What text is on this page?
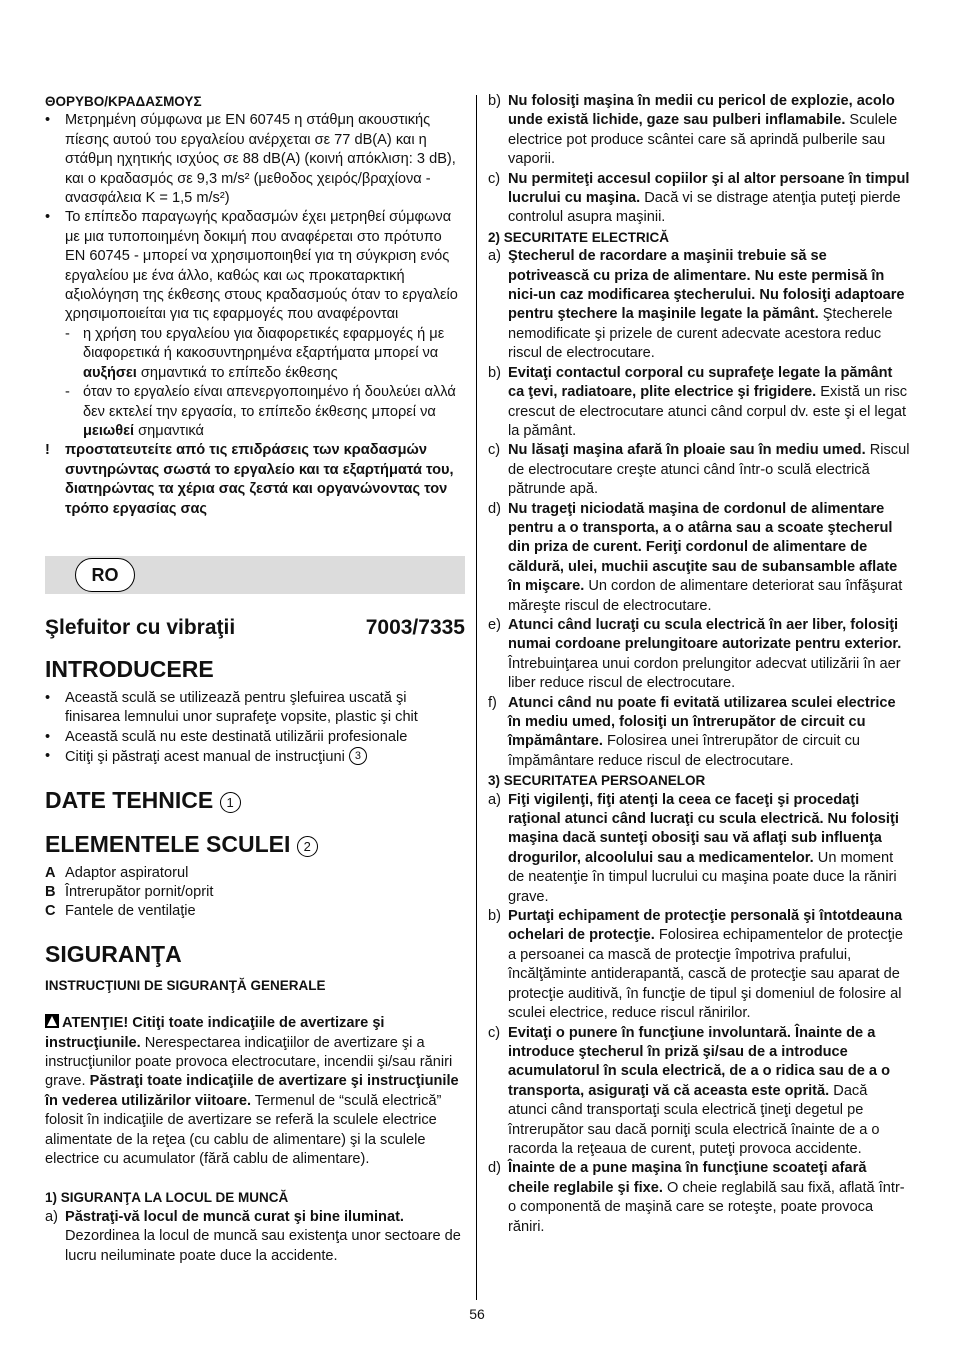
ΘΟΡΥΒΟ/ΚΡΑΔΑΣΜΟΥΣ
•	Μετρημένη σύμφωνα με EN 60745 η στάθμη ακουστικής πίεσης αυτού του εργαλείου ανέρχεται σε 77 dB(A) και η στάθμη ηχητικής ισχύος σε 88 dB(A) (κοινή απόκλιση: 3 dB), και ο κραδασμός σε 9,3 m/s² (μεθοδος χειρός/βραχίονα - ανασφάλεια K = 1,5 m/s²)
•	Το επίπεδο παραγωγής κραδασμών έχει μετρηθεί σύμφωνα με μια τυποποιημένη δοκιμή που αναφέρεται στο πρότυπο EN 60745 - μπορεί να χρησιμοποιηθεί για τη σύγκριση ενός εργαλείου με ένα άλλο, καθώς και ως προκαταρκτική αξιολόγηση της έκθεσης στους κραδασμούς όταν το εργαλείο χρησιμοποιείται για τις εφαρμογές που αναφέρονται
- η χρήση του εργαλείου για διαφορετικές εφαρμογές ή με διαφορετικά ή κακοσυντηρημένα εξαρτήματα μπορεί να αυξήσει σημαντικά το επίπεδο έκθεσης
- όταν το εργαλείο είναι απενεργοποιημένο ή δουλεύει αλλά δεν εκτελεί την εργασία, το επίπεδο έκθεσης μπορεί να μειωθεί σημαντικά
!	προστατευτείτε από τις επιδράσεις των κραδασμών συντηρώντας σωστά το εργαλείο και τα εξαρτήματά του, διατηρώντας τα χέρια σας ζεστά και οργανώνοντας τον τρόπο εργασίας σας
RO
Şlefuitor cu vibraţii	7003/7335
INTRODUCERE
•	Această sculă se utilizează pentru şlefuirea uscată şi finisarea lemnului unor suprafeţe vopsite, plastic şi chit
•	Această sculă nu este destinată utilizării profesionale
•	Citiţi şi păstraţi acest manual de instrucţiuni 3
DATE TEHNICE 1
ELEMENTELE SCULEI 2
A Adaptor aspiratorul
B Întrerupător pornit/oprit
C Fantele de ventilaţie
SIGURANŢA
INSTRUCŢIUNI DE SIGURANŢĂ GENERALE
ATENŢIE! Citiţi toate indicaţiile de avertizare şi instrucţiunile. Nerespectarea indicaţiilor de avertizare şi a instrucţiunilor poate provoca electrocutare, incendii şi/sau răniri grave. Păstraţi toate indicaţiile de avertizare şi instrucţiunile în vederea utilizărilor viitoare. Termenul de “sculă electrică” folosit în indicaţiile de avertizare se referă la sculele electrice alimentate de la reţea (cu cablu de alimentare) şi la sculele electrice cu acumulator (fără cablu de alimentare).
1) SIGURANŢA LA LOCUL DE MUNCĂ
a) Păstraţi-vă locul de muncă curat şi bine iluminat. Dezordinea la locul de muncă sau existenţa unor sectoare de lucru neiluminate poate duce la accidente.
b) Nu folosiţi maşina în medii cu pericol de explozie, acolo unde există lichide, gaze sau pulberi inflamabile. Sculele electrice pot produce scântei care să aprindă pulberile sau vaporii.
c) Nu permiteţi accesul copiilor şi al altor persoane în timpul lucrului cu maşina. Dacă vi se distrage atenţia puteţi pierde controlul asupra maşinii.
2) SECURITATE ELECTRICĂ
a) Ştecherul de racordare a maşinii trebuie să se potrivească cu priza de alimentare. Nu este permisă în nici-un caz modificarea ştecherului. Nu folosiţi adaptoare pentru ştechere la maşinile legate la pământ. Ştecherele nemodificate şi prizele de curent adecvate acestora reduc riscul de electrocutare.
b) Evitaţi contactul corporal cu suprafeţe legate la pământ ca ţevi, radiatoare, plite electrice şi frigidere. Există un risc crescut de electrocutare atunci când corpul dv. este şi el legat la pământ.
c) Nu lăsaţi maşina afară în ploaie sau în mediu umed. Riscul de electrocutare creşte atunci când într-o sculă electrică pătrunde apă.
d) Nu trageţi niciodată maşina de cordonul de alimentare pentru a o transporta, a o atârna sau a scoate ştecherul din priza de curent. Feriţi cordonul de alimentare de căldură, ulei, muchii ascuţite sau de subansamble aflate în mişcare. Un cordon de alimentare deteriorat sau înfăşurat măreşte riscul de electrocutare.
e) Atunci când lucraţi cu scula electrică în aer liber, folosiţi numai cordoane prelungitoare autorizate pentru exterior. Întrebuinţarea unui cordon prelungitor adecvat utilizării în aer liber reduce riscul de electrocutare.
f) Atunci când nu poate fi evitată utilizarea sculei electrice în mediu umed, folosiţi un întrerupător de circuit cu împământare. Folosirea unei întrerupător de circuit cu împământare reduce riscul de electrocutare.
3) SECURITATEA PERSOANELOR
a) Fiţi vigilenţi, fiţi atenţi la ceea ce faceţi şi procedaţi raţional atunci când lucraţi cu scula electrică. Nu folosiţi maşina dacă sunteţi obosiţi sau vă aflaţi sub influenţa drogurilor, alcoolului sau a medicamentelor. Un moment de neatenţie în timpul lucrului cu maşina poate duce la răniri grave.
b) Purtaţi echipament de protecţie personală şi întotdeauna ochelari de protecţie. Folosirea echipamentelor de protecţie a persoanei ca mască de protecţie împotriva prafului, încălţăminte antiderapantă, cască de protecţie sau aparat de protecţie auditivă, în funcţie de tipul şi domeniul de folosire al sculei electrice, reduce riscul rănirilor.
c) Evitaţi o punere în funcţiune involuntară. Înainte de a introduce ştecherul în priză şi/sau de a introduce acumulatorul în scula electrică, de a o ridica sau de a o transporta, asiguraţi vă că aceasta este oprită. Dacă atunci când transportaţi scula electrică ţineţi degetul pe întrerupător sau dacă porniţi scula electrică înainte de a o racorda la reţeaua de curent, puteţi provoca accidente.
d) Înainte de a pune maşina în funcţiune scoateţi afară cheile reglabile şi fixe. O cheie reglabilă sau fixă, aflată într-o componentă de maşină care se roteşte, poate provoca răniri.
56
